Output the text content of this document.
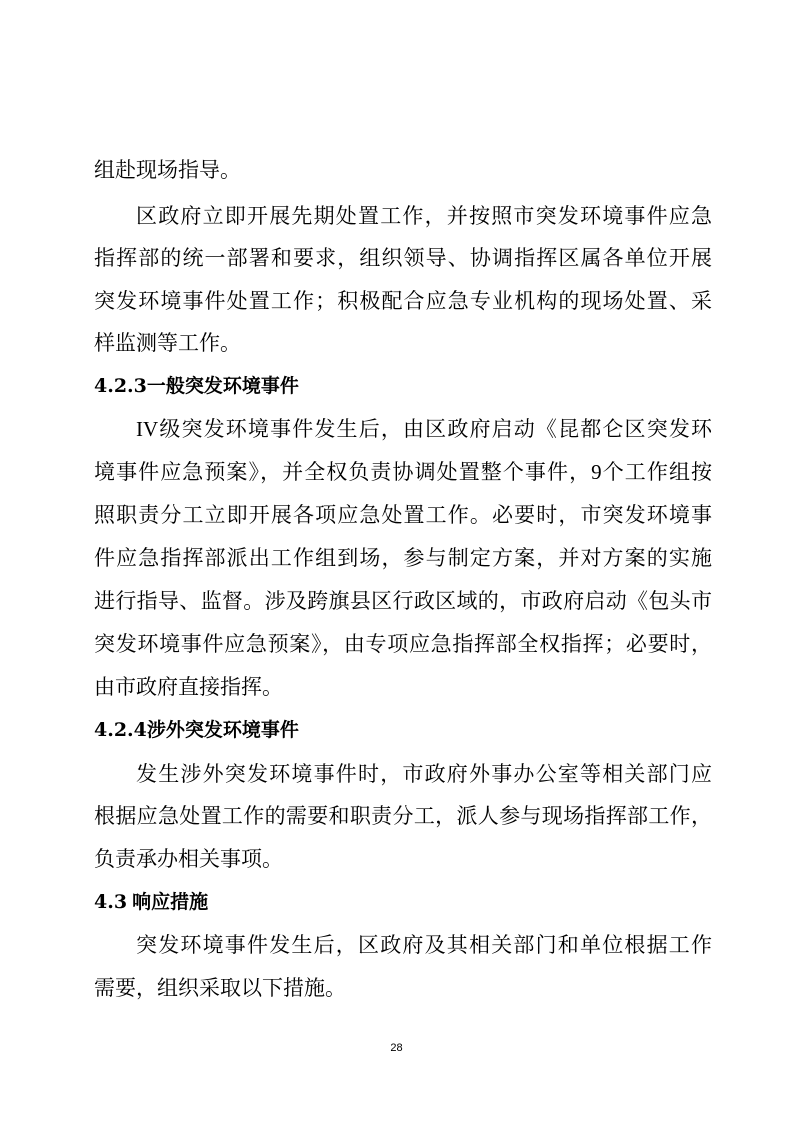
组赴现场指导。
区政府立即开展先期处置工作，并按照市突发环境事件应急
指挥部的统一部署和要求，组织领导、协调指挥区属各单位开展
突发环境事件处置工作；积极配合应急专业机构的现场处置、采
样监测等工作。
4.2.3一般突发环境事件
IV级突发环境事件发生后，由区政府启动《昆都仑区突发环
境事件应急预案》，并全权负责协调处置整个事件，9个工作组按
照职责分工立即开展各项应急处置工作。必要时，市突发环境事
件应急指挥部派出工作组到场，参与制定方案，并对方案的实施
进行指导、监督。涉及跨旗县区行政区域的，市政府启动《包头市
突发环境事件应急预案》，由专项应急指挥部全权指挥；必要时，
由市政府直接指挥。
4.2.4涉外突发环境事件
发生涉外突发环境事件时，市政府外事办公室等相关部门应
根据应急处置工作的需要和职责分工，派人参与现场指挥部工作，
负责承办相关事项。
4.3 响应措施
突发环境事件发生后，区政府及其相关部门和单位根据工作
需要，组织采取以下措施。
28
